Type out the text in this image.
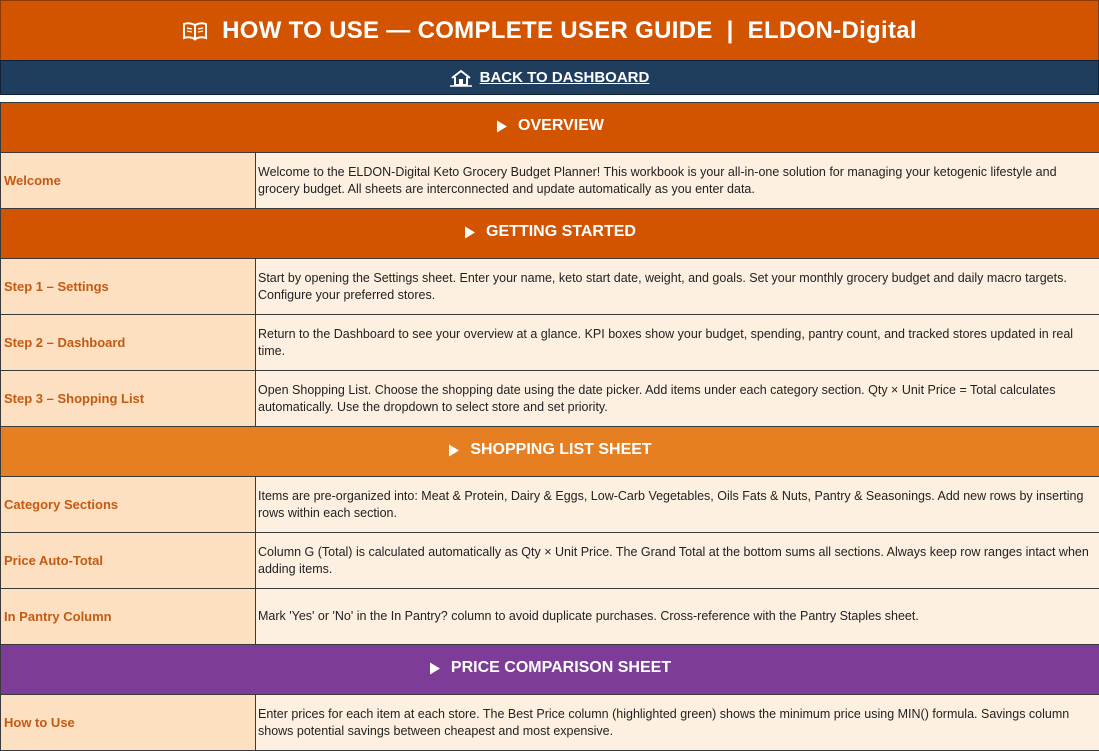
HOW TO USE — COMPLETE USER GUIDE | ELDON-Digital
BACK TO DASHBOARD
OVERVIEW	

Welcome	Welcome to the ELDON-Digital Keto Grocery Budget Planner! This workbook is your all-in-one solution for managing your ketogenic lifestyle and grocery budget. All sheets are interconnected and update automatically as you enter data.

GETTING STARTED	

Step 1 – Settings	Start by opening the Settings sheet. Enter your name, keto start date, weight, and goals. Set your monthly grocery budget and daily macro targets. Configure your preferred stores.
Step 2 – Dashboard	Return to the Dashboard to see your overview at a glance. KPI boxes show your budget, spending, pantry count, and tracked stores updated in real time.
Step 3 – Shopping List	Open Shopping List. Choose the shopping date using the date picker. Add items under each category section. Qty × Unit Price = Total calculates automatically. Use the dropdown to select store and set priority.

SHOPPING LIST SHEET	

Category Sections	Items are pre-organized into: Meat & Protein, Dairy & Eggs, Low-Carb Vegetables, Oils Fats & Nuts, Pantry & Seasonings. Add new rows by inserting rows within each section.
Price Auto-Total	Column G (Total) is calculated automatically as Qty × Unit Price. The Grand Total at the bottom sums all sections. Always keep row ranges intact when adding items.
In Pantry Column	Mark 'Yes' or 'No' in the In Pantry? column to avoid duplicate purchases. Cross-reference with the Pantry Staples sheet.

PRICE COMPARISON SHEET	

How to Use	Enter prices for each item at each store. The Best Price column (highlighted green) shows the minimum price using MIN() formula. Savings column shows potential savings between cheapest and most expensive.
